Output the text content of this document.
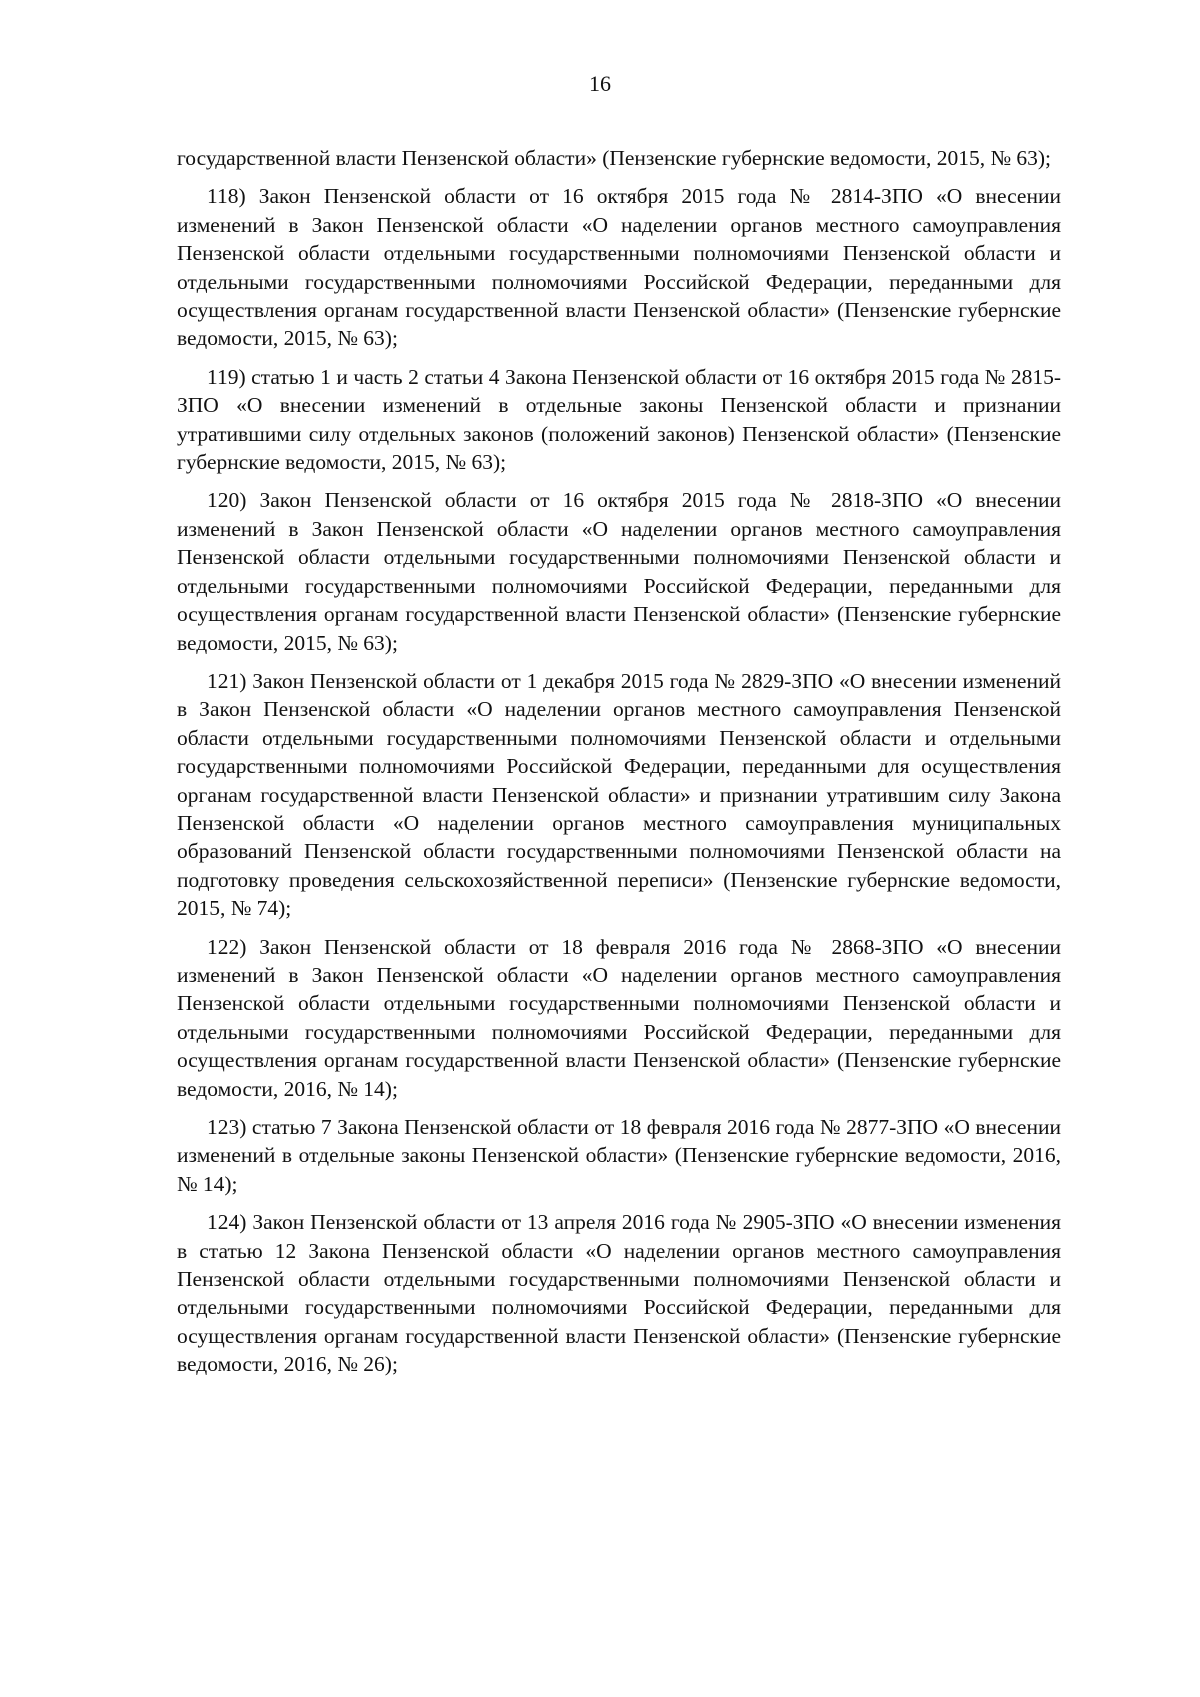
16

государственной власти Пензенской области» (Пензенские губернские ведомости, 2015, № 63);

118) Закон Пензенской области от 16 октября 2015 года № 2814-ЗПО «О внесении изменений в Закон Пензенской области «О наделении органов местного самоуправления Пензенской области отдельными государственными полномочиями Пензенской области и отдельными государственными полномочиями Российской Федерации, переданными для осуществления органам государственной власти Пензенской области» (Пензенские губернские ведомости, 2015, № 63);

119) статью 1 и часть 2 статьи 4 Закона Пензенской области от 16 октября 2015 года № 2815-ЗПО «О внесении изменений в отдельные законы Пензенской области и признании утратившими силу отдельных законов (положений законов) Пензенской области» (Пензенские губернские ведомости, 2015, № 63);

120) Закон Пензенской области от 16 октября 2015 года № 2818-ЗПО «О внесении изменений в Закон Пензенской области «О наделении органов местного самоуправления Пензенской области отдельными государственными полномочиями Пензенской области и отдельными государственными полномочиями Российской Федерации, переданными для осуществления органам государственной власти Пензенской области» (Пензенские губернские ведомости, 2015, № 63);

121) Закон Пензенской области от 1 декабря 2015 года № 2829-ЗПО «О внесении изменений в Закон Пензенской области «О наделении органов местного самоуправления Пензенской области отдельными государственными полномочиями Пензенской области и отдельными государственными полномочиями Российской Федерации, переданными для осуществления органам государственной власти Пензенской области» и признании утратившим силу Закона Пензенской области «О наделении органов местного самоуправления муниципальных образований Пензенской области государственными полномочиями Пензенской области на подготовку проведения сельскохозяйственной переписи» (Пензенские губернские ведомости, 2015, № 74);

122) Закон Пензенской области от 18 февраля 2016 года № 2868-ЗПО «О внесении изменений в Закон Пензенской области «О наделении органов местного самоуправления Пензенской области отдельными государственными полномочиями Пензенской области и отдельными государственными полномочиями Российской Федерации, переданными для осуществления органам государственной власти Пензенской области» (Пензенские губернские ведомости, 2016, № 14);

123) статью 7 Закона Пензенской области от 18 февраля 2016 года № 2877-ЗПО «О внесении изменений в отдельные законы Пензенской области» (Пензенские губернские ведомости, 2016, № 14);

124) Закон Пензенской области от 13 апреля 2016 года № 2905-ЗПО «О внесении изменения в статью 12 Закона Пензенской области «О наделении органов местного самоуправления Пензенской области отдельными государственными полномочиями Пензенской области и отдельными государственными полномочиями Российской Федерации, переданными для осуществления органам государственной власти Пензенской области» (Пензенские губернские ведомости, 2016, № 26);
